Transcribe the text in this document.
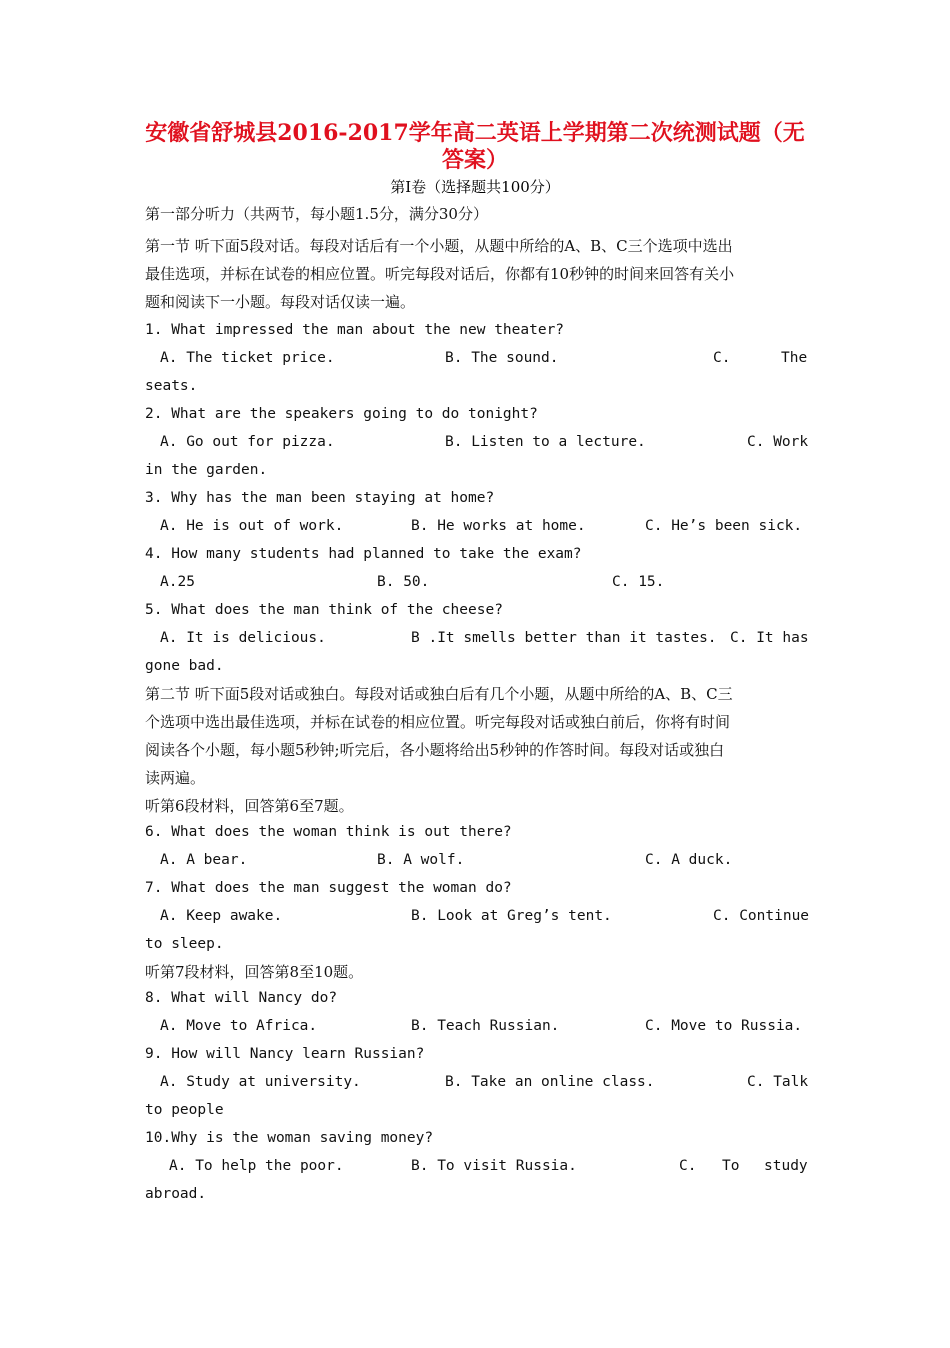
安徽省舒城县2016-2017学年高二英语上学期第二次统测试题（无
答案）
第Ⅰ卷（选择题共100分）
第一部分听力（共两节，每小题1.5分，满分30分）
第一节 听下面5段对话。每段对话后有一个小题，从题中所给的A、B、C三个选项中选出
最佳选项，并标在试卷的相应位置。听完每段对话后，你都有10秒钟的时间来回答有关小
题和阅读下一小题。每段对话仅读一遍。
1. What impressed the man about the new theater?

A. The ticket price.

	B. The sound.

	C.

	The

seats.
2. What are the speakers going to do tonight?

A. Go out for pizza.

	B. Listen to a lecture.

	C. Work

in the garden.
3. Why has the man been staying at home?

A. He is out of work.

	B. He works at home.

	C. He’s been sick.

4. How many students had planned to take the exam?

A.25

	B. 50.

	C. 15.

5. What does the man think of the cheese?

A. It is delicious.

	B .It smells better than it tastes.

C. It has

gone bad.
第二节 听下面5段对话或独白。每段对话或独白后有几个小题，从题中所给的A、B、C三
个选项中选出最佳选项，并标在试卷的相应位置。听完每段对话或独白前后，你将有时间
阅读各个小题，每小题5秒钟;听完后，各小题将给出5秒钟的作答时间。每段对话或独白
读两遍。
听第6段材料，回答第6至7题。
6. What does the woman think is out there?

A. A bear.

	B. A wolf.

	C. A duck.

7. What does the man suggest the woman do?

A. Keep awake.

	B. Look at Greg’s tent.

	C. Continue

to sleep.
听第7段材料，回答第8至10题。
8. What will Nancy do?

A. Move to Africa.

	B. Teach Russian.

	C. Move to Russia.

9. How will Nancy learn Russian?

A. Study at university.

	B. Take an online class.

	C. Talk

to people
10.Why is the woman saving money?

A. To help the poor.

	B. To visit Russia.

	C.

To

study

abroad.
